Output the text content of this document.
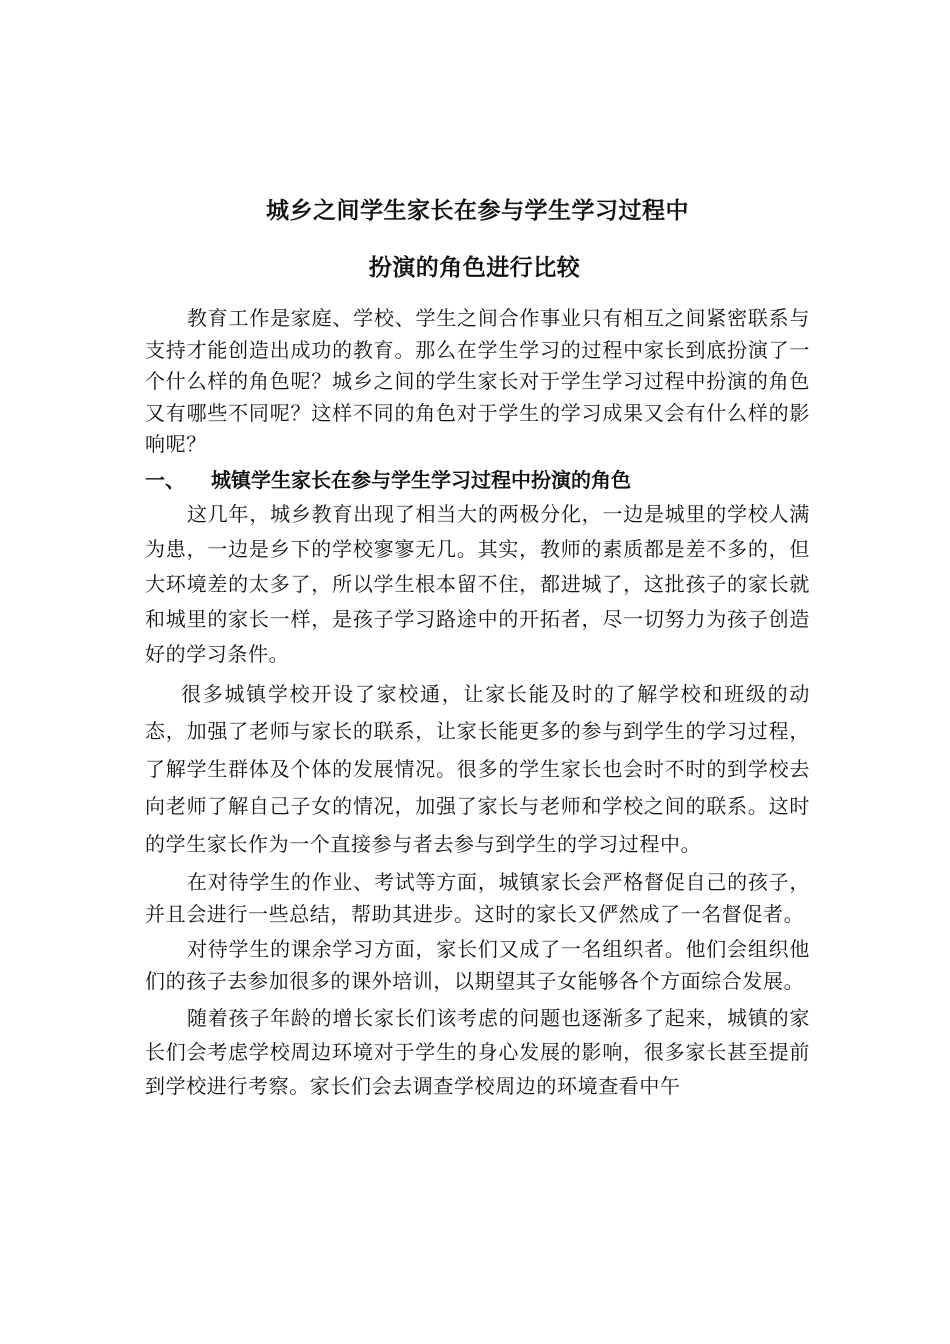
城乡之间学生家长在参与学生学习过程中
扮演的角色进行比较

教育工作是家庭、学校、学生之间合作事业只有相互之间紧密联系与支持才能创造出成功的教育。那么在学生学习的过程中家长到底扮演了一个什么样的角色呢？城乡之间的学生家长对于学生学习过程中扮演的角色又有哪些不同呢？这样不同的角色对于学生的学习成果又会有什么样的影响呢？

一、 城镇学生家长在参与学生学习过程中扮演的角色

这几年，城乡教育出现了相当大的两极分化，一边是城里的学校人满为患，一边是乡下的学校寥寥无几。其实，教师的素质都是差不多的，但大环境差的太多了，所以学生根本留不住，都进城了，这批孩子的家长就和城里的家长一样，是孩子学习路途中的开拓者，尽一切努力为孩子创造好的学习条件。

很多城镇学校开设了家校通，让家长能及时的了解学校和班级的动态，加强了老师与家长的联系，让家长能更多的参与到学生的学习过程，了解学生群体及个体的发展情况。很多的学生家长也会时不时的到学校去向老师了解自己子女的情况，加强了家长与老师和学校之间的联系。这时的学生家长作为一个直接参与者去参与到学生的学习过程中。

在对待学生的作业、考试等方面，城镇家长会严格督促自己的孩子，并且会进行一些总结，帮助其进步。这时的家长又俨然成了一名督促者。

对待学生的课余学习方面，家长们又成了一名组织者。他们会组织他们的孩子去参加很多的课外培训，以期望其子女能够各个方面综合发展。

随着孩子年龄的增长家长们该考虑的问题也逐渐多了起来，城镇的家长们会考虑学校周边环境对于学生的身心发展的影响，很多家长甚至提前到学校进行考察。家长们会去调查学校周边的环境查看中午
